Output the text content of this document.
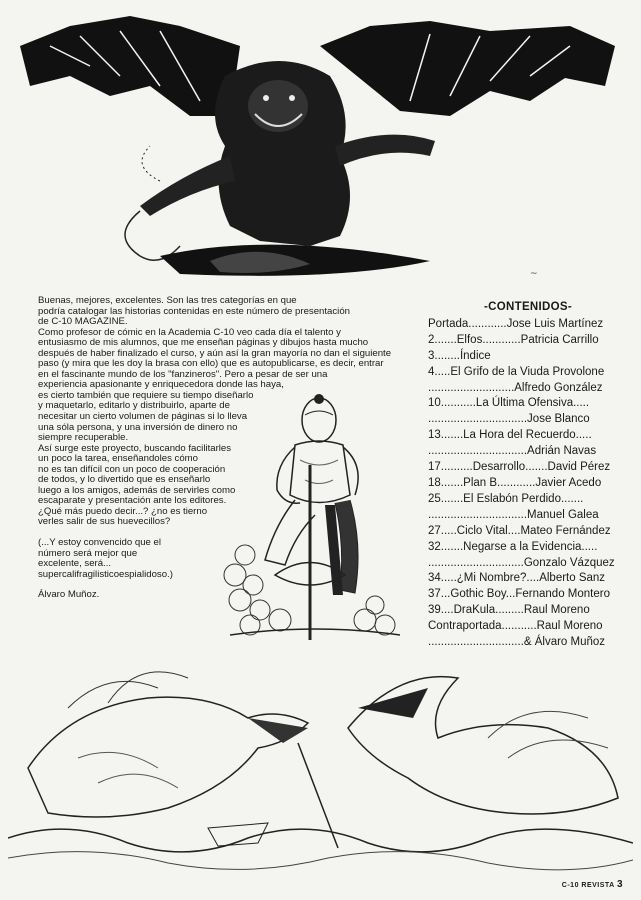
~

Buenas, mejores, excelentes. Son las tres categorías en que
podría catalogar las historias contenidas en este número de presentación
de C-10 MAGAZINE.

Como profesor de cómic en la Academia C-10 veo cada día el talento y
entusiasmo de mis alumnos, que me enseñan páginas y dibujos hasta mucho
después de haber finalizado el curso, y aún así la gran mayoría no dan el siguiente
paso (y mira que les doy la brasa con ello) que es autopublicarse, es decir, entrar
en el fascinante mundo de los "fanzineros". Pero a pesar de ser una
experiencia apasionante y enriquecedora donde las haya,
es cierto también que requiere su tiempo diseñarlo
y maquetarlo, editarlo y distribuirlo, aparte de
necesitar un cierto volumen de páginas si lo lleva
una sóla persona, y una inversión de dinero no
siempre recuperable.

Así surge este proyecto, buscando facilitarles
un poco la tarea, enseñandoles cómo
no es tan difícil con un poco de cooperación
de todos, y lo divertido que es enseñarlo
luego a los amigos, además de servirles como
escaparate y presentación ante los editores.
¿Qué más puedo decir...? ¿no es tierno
verles salir de sus huevecillos?

(...Y estoy convencido que el
número será mejor que
excelente, será...
supercalifragilisticoespialidoso.)

Álvaro Muñoz.

-CONTENIDOS-
Portada............Jose Luis Martínez
2.......Elfos............Patricia Carrillo
3........Índice
4.....El Grifo de la Viuda Provolone
...........................Alfredo González
10...........La Última Ofensiva.....
...............................Jose Blanco
13.......La Hora del Recuerdo.....
...............................Adrián Navas
17..........Desarrollo.......David Pérez
18.......Plan B............Javier Acedo
25.......El Eslabón Perdido.......
...............................Manuel Galea
27.....Ciclo Vital....Mateo Fernández
32.......Negarse a la Evidencia.....
..............................Gonzalo Vázquez
34.....¿Mi Nombre?....Alberto Sanz
37...Gothic Boy...Fernando Montero
39....DraKula.........Raul Moreno
Contraportada...........Raul Moreno
..............................& Álvaro Muñoz
C-10 REVISTA 3
